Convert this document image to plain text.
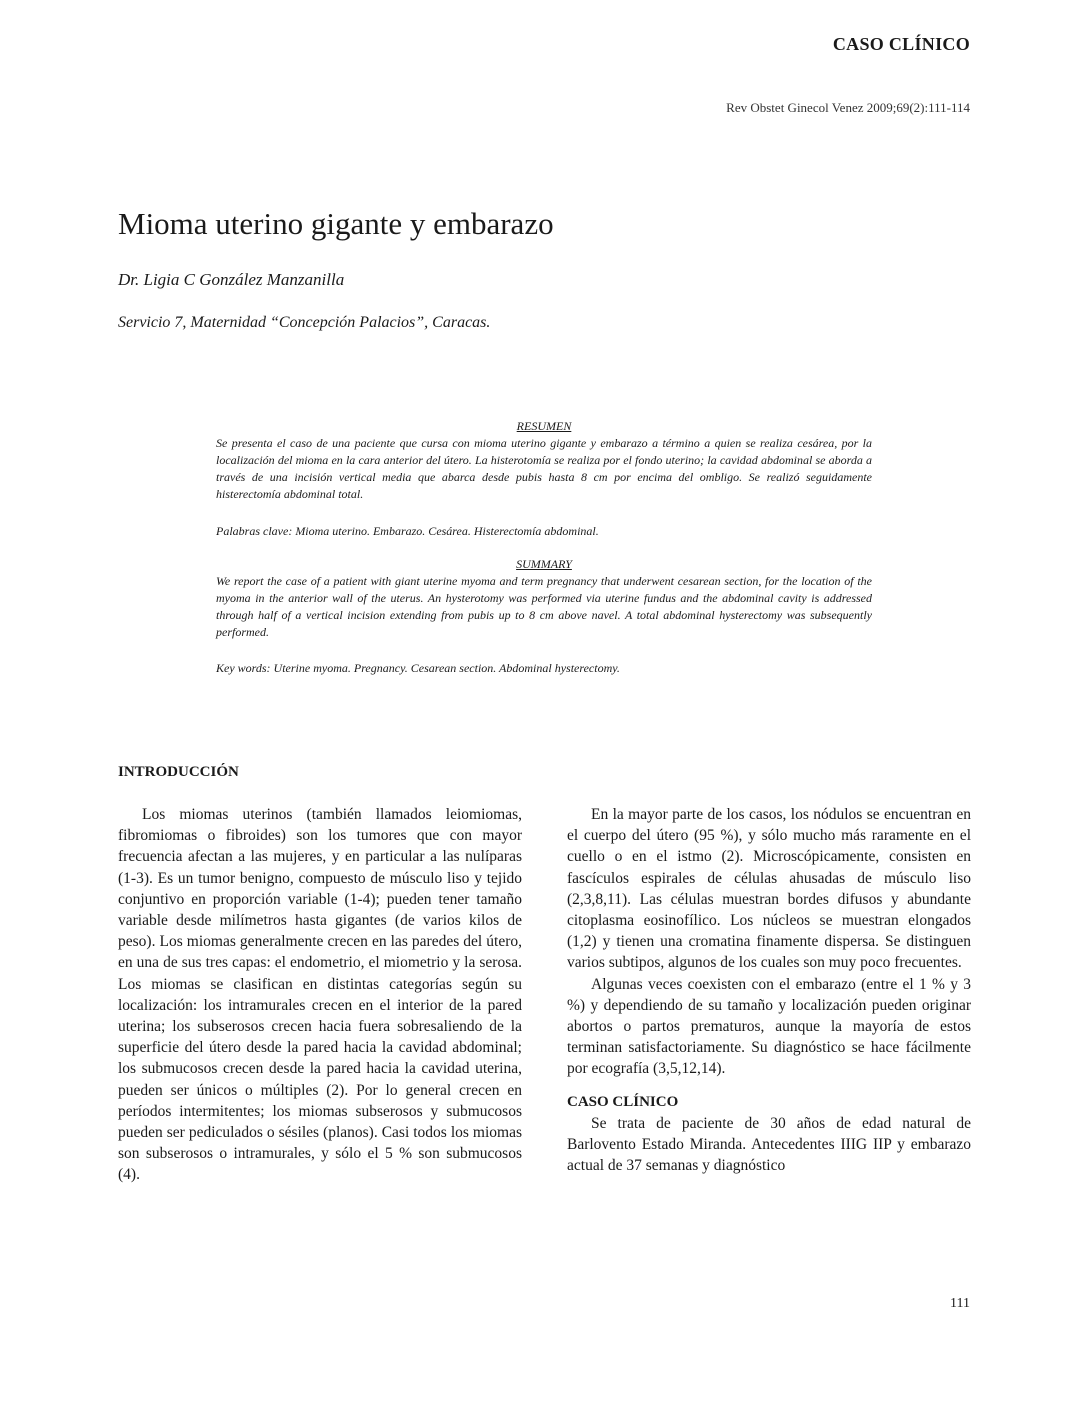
CASO CLÍNICO
Rev Obstet Ginecol Venez 2009;69(2):111-114
Mioma uterino gigante y embarazo
Dr. Ligia C González Manzanilla
Servicio 7, Maternidad “Concepción Palacios”, Caracas.
RESUMEN

Se presenta el caso de una paciente que cursa con mioma uterino gigante y embarazo a término a quien se realiza cesárea, por la localización del mioma en la cara anterior del útero. La histerotomía se realiza por el fondo uterino; la cavidad abdominal se aborda a través de una incisión vertical media que abarca desde pubis hasta 8 cm por encima del ombligo. Se realizó seguidamente histerectomía abdominal total.

Palabras clave: Mioma uterino. Embarazo. Cesárea. Histerectomía abdominal.
SUMMARY

We report the case of a patient with giant uterine myoma and term pregnancy that underwent cesarean section, for the location of the myoma in the anterior wall of the uterus. An hysterotomy was performed via uterine fundus and the abdominal cavity is addressed through half of a vertical incision extending from pubis up to 8 cm above navel. A total abdominal hysterectomy was subsequently performed.

Key words: Uterine myoma. Pregnancy. Cesarean section. Abdominal hysterectomy.
INTRODUCCIÓN

Los miomas uterinos (también llamados leiomiomas, fibromiomas o fibroides) son los tumores que con mayor frecuencia afectan a las mujeres, y en particular a las nulíparas (1-3). Es un tumor benigno, compuesto de músculo liso y tejido conjuntivo en proporción variable (1-4); pueden tener tamaño variable desde milímetros hasta gigantes (de varios kilos de peso). Los miomas generalmente crecen en las paredes del útero, en una de sus tres capas: el endometrio, el miometrio y la serosa. Los miomas se clasifican en distintas categorías según su localización: los intramurales crecen en el interior de la pared uterina; los subserosos crecen hacia fuera sobresaliendo de la superficie del útero desde la pared hacia la cavidad abdominal; los submucosos crecen desde la pared hacia la cavidad uterina, pueden ser únicos o múltiples (2). Por lo general crecen en períodos intermitentes; los miomas subserosos y submucosos pueden ser pediculados o sésiles (planos). Casi todos los miomas son subserosos o intramurales, y sólo el 5 % son submucosos (4).

En la mayor parte de los casos, los nódulos se encuentran en el cuerpo del útero (95 %), y sólo mucho más raramente en el cuello o en el istmo (2). Microscópicamente, consisten en fascículos espirales de células ahusadas de músculo liso (2,3,8,11). Las células muestran bordes difusos y abundante citoplasma eosinofílico. Los núcleos se muestran elongados (1,2) y tienen una cromatina finamente dispersa. Se distinguen varios subtipos, algunos de los cuales son muy poco frecuentes.

Algunas veces coexisten con el embarazo (entre el 1 % y 3 %) y dependiendo de su tamaño y localización pueden originar abortos o partos prematuros, aunque la mayoría de estos terminan satisfactoriamente. Su diagnóstico se hace fácilmente por ecografía (3,5,12,14).

CASO CLÍNICO

Se trata de paciente de 30 años de edad natural de Barlovento Estado Miranda. Antecedentes IIIG IIP y embarazo actual de 37 semanas y diagnóstico

111
